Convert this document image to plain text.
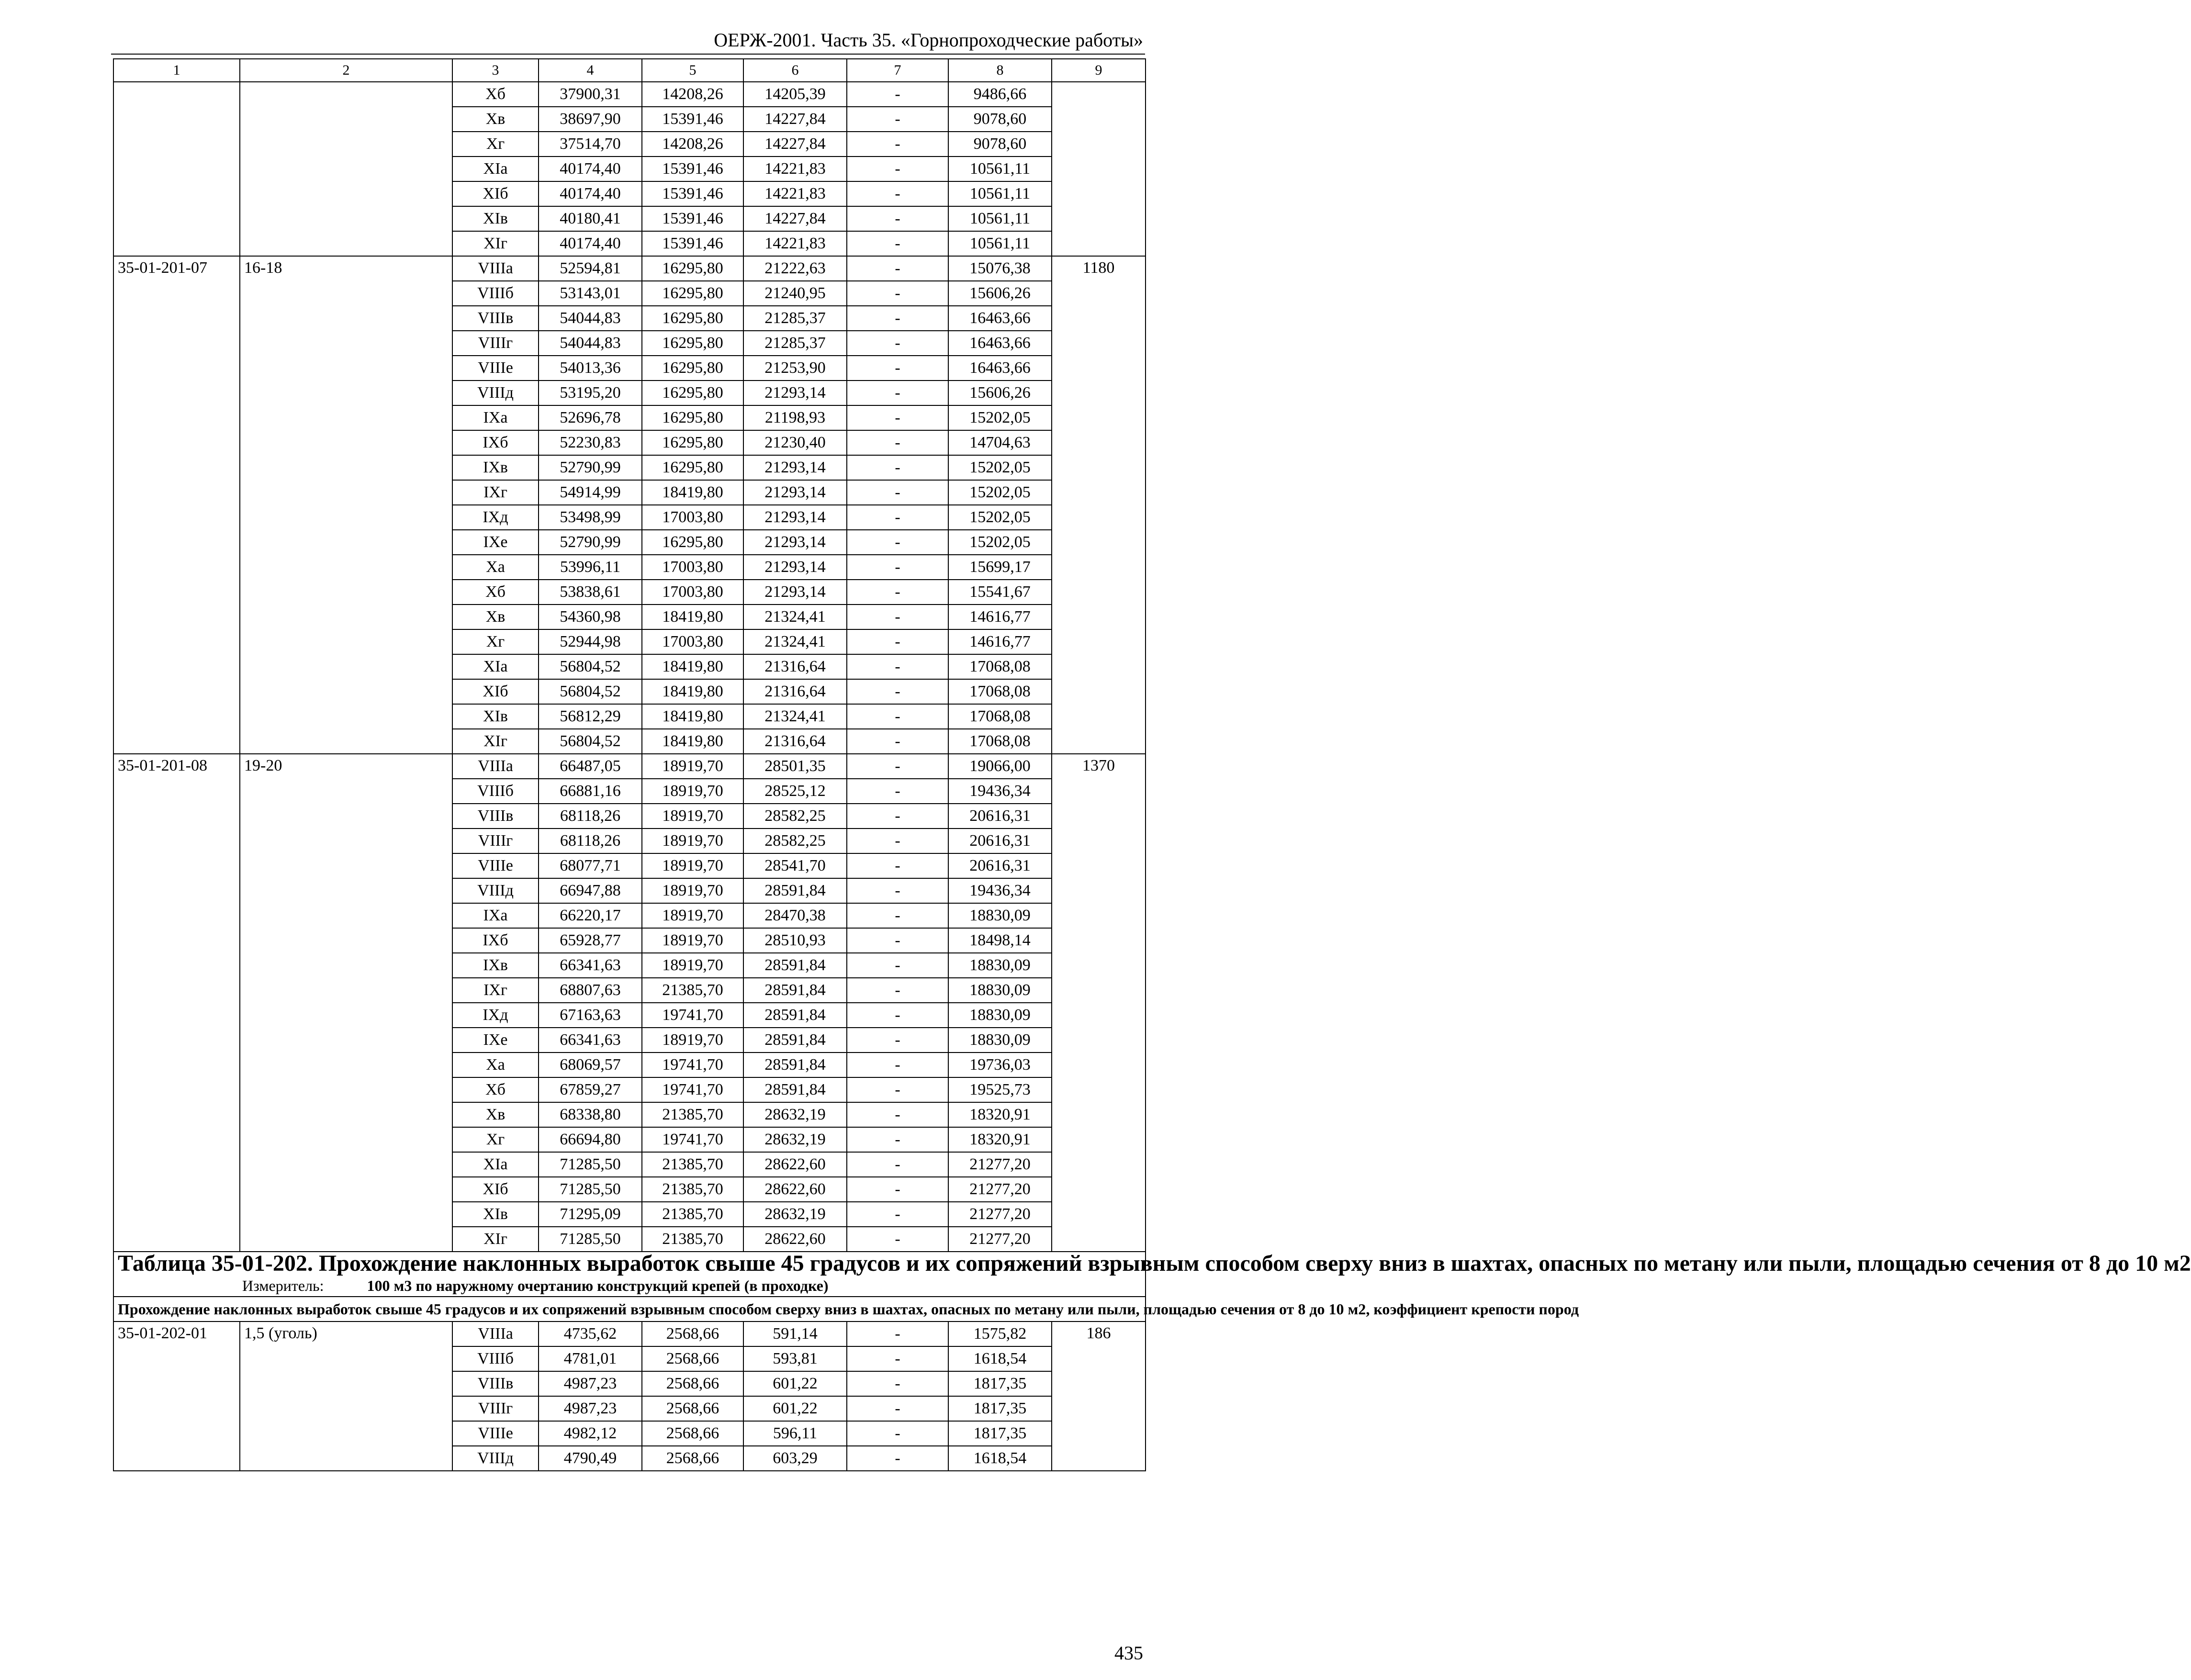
ОЕРЖ-2001. Часть 35. «Горнопроходческие работы»
1	2	3	4	5	6	7	8	9
		Xб	37900,31	14208,26	14205,39	-	9486,66	
		Xв	38697,90	15391,46	14227,84	-	9078,60	
		Xг	37514,70	14208,26	14227,84	-	9078,60	
		XIa	40174,40	15391,46	14221,83	-	10561,11	
		XIб	40174,40	15391,46	14221,83	-	10561,11	
		XIв	40180,41	15391,46	14227,84	-	10561,11	
		XIг	40174,40	15391,46	14221,83	-	10561,11	
35-01-201-07	16-18	VIIIa	52594,81	16295,80	21222,63	-	15076,38	1180
		VIIIб	53143,01	16295,80	21240,95	-	15606,26	
		VIIIв	54044,83	16295,80	21285,37	-	16463,66	
		VIIIг	54044,83	16295,80	21285,37	-	16463,66	
		VIIIе	54013,36	16295,80	21253,90	-	16463,66	
		VIIIд	53195,20	16295,80	21293,14	-	15606,26	
		IXa	52696,78	16295,80	21198,93	-	15202,05	
		IXб	52230,83	16295,80	21230,40	-	14704,63	
		IXв	52790,99	16295,80	21293,14	-	15202,05	
		IXг	54914,99	18419,80	21293,14	-	15202,05	
		IXд	53498,99	17003,80	21293,14	-	15202,05	
		IXе	52790,99	16295,80	21293,14	-	15202,05	
		Xa	53996,11	17003,80	21293,14	-	15699,17	
		Xб	53838,61	17003,80	21293,14	-	15541,67	
		Xв	54360,98	18419,80	21324,41	-	14616,77	
		Xг	52944,98	17003,80	21324,41	-	14616,77	
		XIa	56804,52	18419,80	21316,64	-	17068,08	
		XIб	56804,52	18419,80	21316,64	-	17068,08	
		XIв	56812,29	18419,80	21324,41	-	17068,08	
		XIг	56804,52	18419,80	21316,64	-	17068,08	
35-01-201-08	19-20	VIIIa	66487,05	18919,70	28501,35	-	19066,00	1370
		VIIIб	66881,16	18919,70	28525,12	-	19436,34	
		VIIIв	68118,26	18919,70	28582,25	-	20616,31	
		VIIIг	68118,26	18919,70	28582,25	-	20616,31	
		VIIIе	68077,71	18919,70	28541,70	-	20616,31	
		VIIIд	66947,88	18919,70	28591,84	-	19436,34	
		IXa	66220,17	18919,70	28470,38	-	18830,09	
		IXб	65928,77	18919,70	28510,93	-	18498,14	
		IXв	66341,63	18919,70	28591,84	-	18830,09	
		IXг	68807,63	21385,70	28591,84	-	18830,09	
		IXд	67163,63	19741,70	28591,84	-	18830,09	
		IXе	66341,63	18919,70	28591,84	-	18830,09	
		Xa	68069,57	19741,70	28591,84	-	19736,03	
		Xб	67859,27	19741,70	28591,84	-	19525,73	
		Xв	68338,80	21385,70	28632,19	-	18320,91	
		Xг	66694,80	19741,70	28632,19	-	18320,91	
		XIa	71285,50	21385,70	28622,60	-	21277,20	
		XIб	71285,50	21385,70	28622,60	-	21277,20	
		XIв	71295,09	21385,70	28632,19	-	21277,20	
		XIг	71285,50	21385,70	28622,60	-	21277,20	

Таблица 35-01-202. Прохождение наклонных выработок свыше 45 градусов и их сопряжений взрывным способом сверху вниз в шахтах, опасных по метану или пыли, площадью сечения от 8 до 10 м2
Измеритель: 100 м3 по наружному очертанию конструкций крепей (в проходке)								

Прохождение наклонных выработок свыше 45 градусов и их сопряжений взрывным способом сверху вниз в шахтах, опасных по метану или пыли, площадью сечения от 8 до 10 м2, коэффициент крепости пород								
35-01-202-01	1,5 (уголь)	VIIIa	4735,62	2568,66	591,14	-	1575,82	186
		VIIIб	4781,01	2568,66	593,81	-	1618,54	
		VIIIв	4987,23	2568,66	601,22	-	1817,35	
		VIIIг	4987,23	2568,66	601,22	-	1817,35	
		VIIIе	4982,12	2568,66	596,11	-	1817,35	
		VIIIд	4790,49	2568,66	603,29	-	1618,54	
435
